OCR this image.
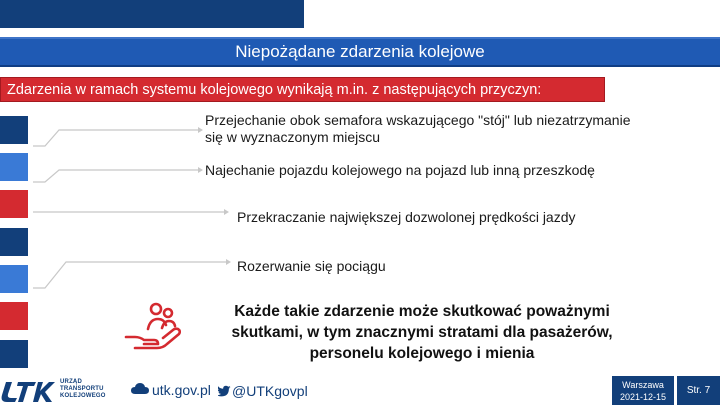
Niepożądane zdarzenia kolejowe
Zdarzenia w ramach systemu kolejowego wynikają m.in. z następujących przyczyn:
Przejechanie obok semafora wskazującego "stój" lub niezatrzymanie
się w wyznaczonym miejscu
Najechanie pojazdu kolejowego na pojazd lub inną przeszkodę
Przekraczanie największej dozwolonej prędkości jazdy
Rozerwanie się pociągu
Każde takie zdarzenie może skutkować poważnymi
skutkami, w tym znacznymi stratami dla pasażerów,
personelu kolejowego i mienia
URZĄD
TRANSPORTU
KOLEJOWEGO	utk.gov.pl @UTKgovpl	Warszawa
2021-12-15
Str. 7
